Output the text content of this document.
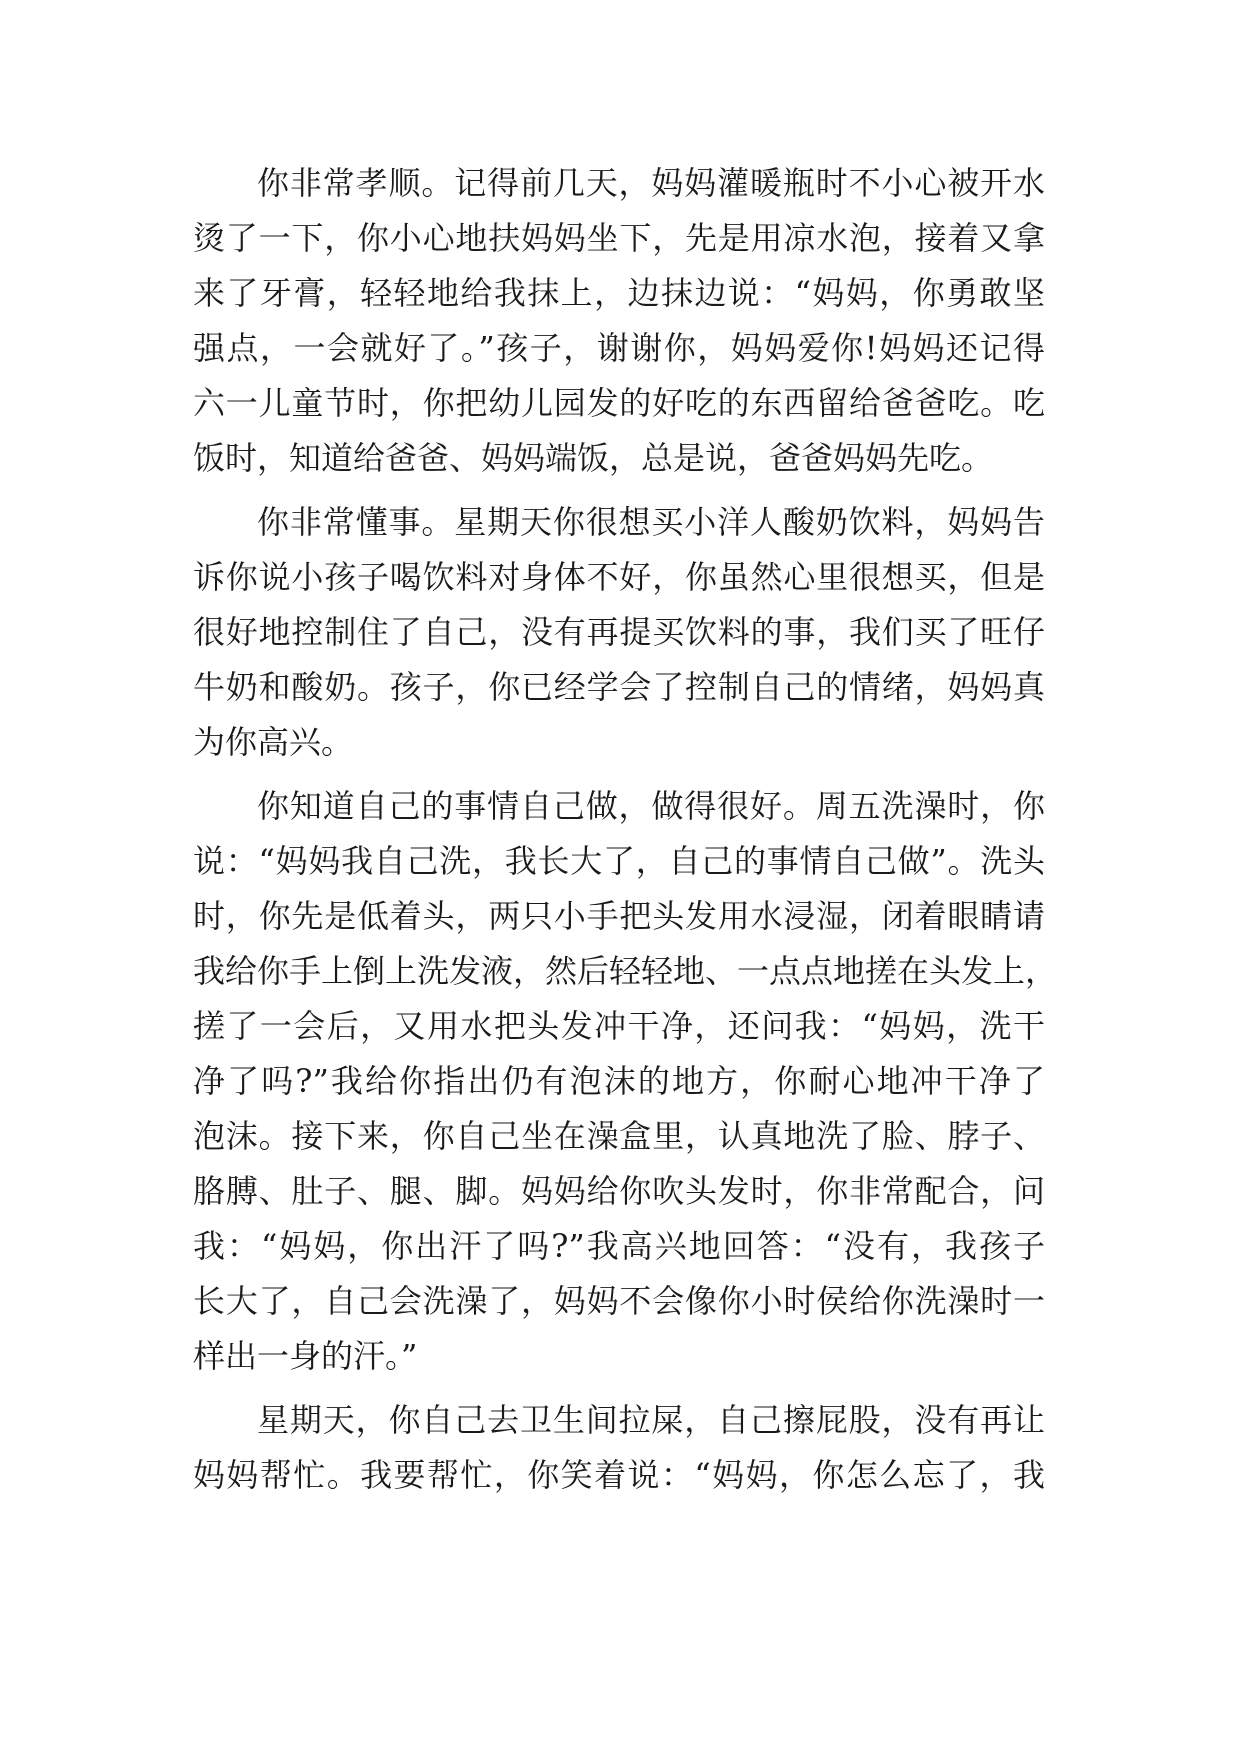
你非常孝顺。记得前几天，妈妈灌暖瓶时不小心被开水
烫了一下，你小心地扶妈妈坐下，先是用凉水泡，接着又拿
来了牙膏，轻轻地给我抹上，边抹边说：“妈妈，你勇敢坚
强点，一会就好了。”孩子，谢谢你，妈妈爱你!妈妈还记得
六一儿童节时，你把幼儿园发的好吃的东西留给爸爸吃。吃
饭时，知道给爸爸、妈妈端饭，总是说，爸爸妈妈先吃。
你非常懂事。星期天你很想买小洋人酸奶饮料，妈妈告
诉你说小孩子喝饮料对身体不好，你虽然心里很想买，但是
很好地控制住了自己，没有再提买饮料的事，我们买了旺仔
牛奶和酸奶。孩子，你已经学会了控制自己的情绪，妈妈真
为你高兴。
你知道自己的事情自己做，做得很好。周五洗澡时，你
说：“妈妈我自己洗，我长大了，自己的事情自己做”。洗头
时，你先是低着头，两只小手把头发用水浸湿，闭着眼睛请
我给你手上倒上洗发液，然后轻轻地、一点点地搓在头发上，
搓了一会后，又用水把头发冲干净，还问我：“妈妈，洗干
净了吗?”我给你指出仍有泡沫的地方，你耐心地冲干净了
泡沫。接下来，你自己坐在澡盒里，认真地洗了脸、脖子、
胳膊、肚子、腿、脚。妈妈给你吹头发时，你非常配合，问
我：“妈妈，你出汗了吗?”我高兴地回答：“没有，我孩子
长大了，自己会洗澡了，妈妈不会像你小时侯给你洗澡时一
样出一身的汗。”
星期天，你自己去卫生间拉屎，自己擦屁股，没有再让
妈妈帮忙。我要帮忙，你笑着说：“妈妈，你怎么忘了，我
